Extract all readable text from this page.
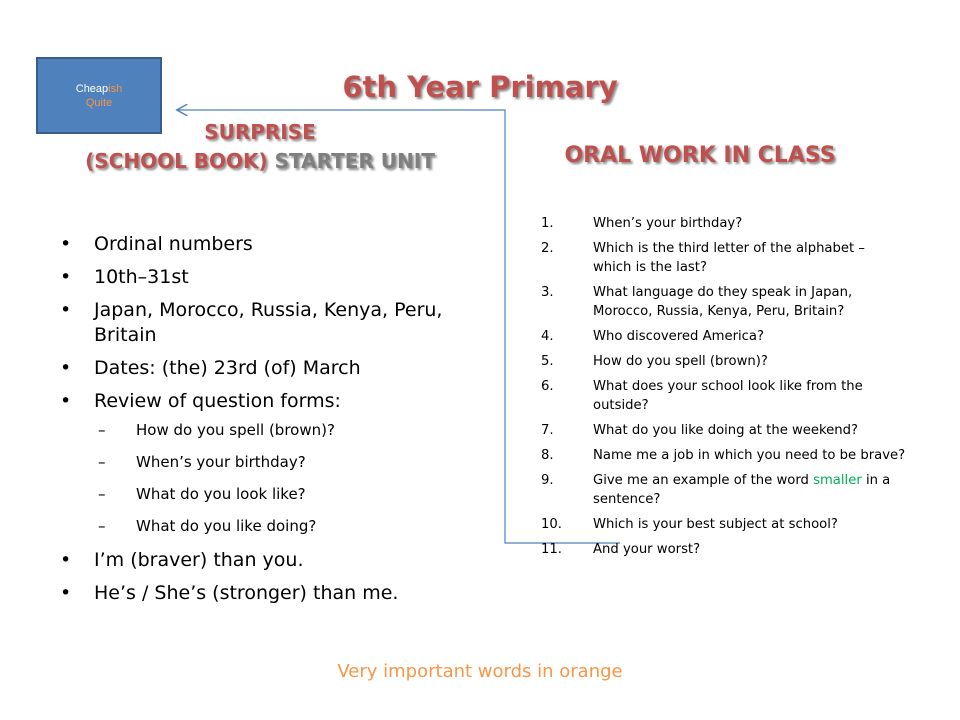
Cheapish
Quite	6th Year Primary
SURPRISE
(SCHOOL BOOK) STARTER UNIT	ORAL WORK IN CLASS
• Ordinal numbers
• 10th–31st
• Japan, Morocco, Russia, Kenya, Peru, Britain
• Dates: (the) 23rd (of) March
• Review of question forms:
– How do you spell (brown)?
– When’s your birthday?
– What do you look like?
– What do you like doing?
• I’m (braver) than you.
• He’s / She’s (stronger) than me.
1.	When’s your birthday?
2.	Which is the third letter of the alphabet – which is the last?
3.	What language do they speak in Japan, Morocco, Russia, Kenya, Peru, Britain?
4.	Who discovered America?
5.	How do you spell (brown)?
6.	What does your school look like from the outside?
7.	What do you like doing at the weekend?
8.	Name me a job in which you need to be brave?
9.	Give me an example of the word smaller in a sentence?
10. Which is your best subject at school?
11. And your worst?
Very important words in orange
